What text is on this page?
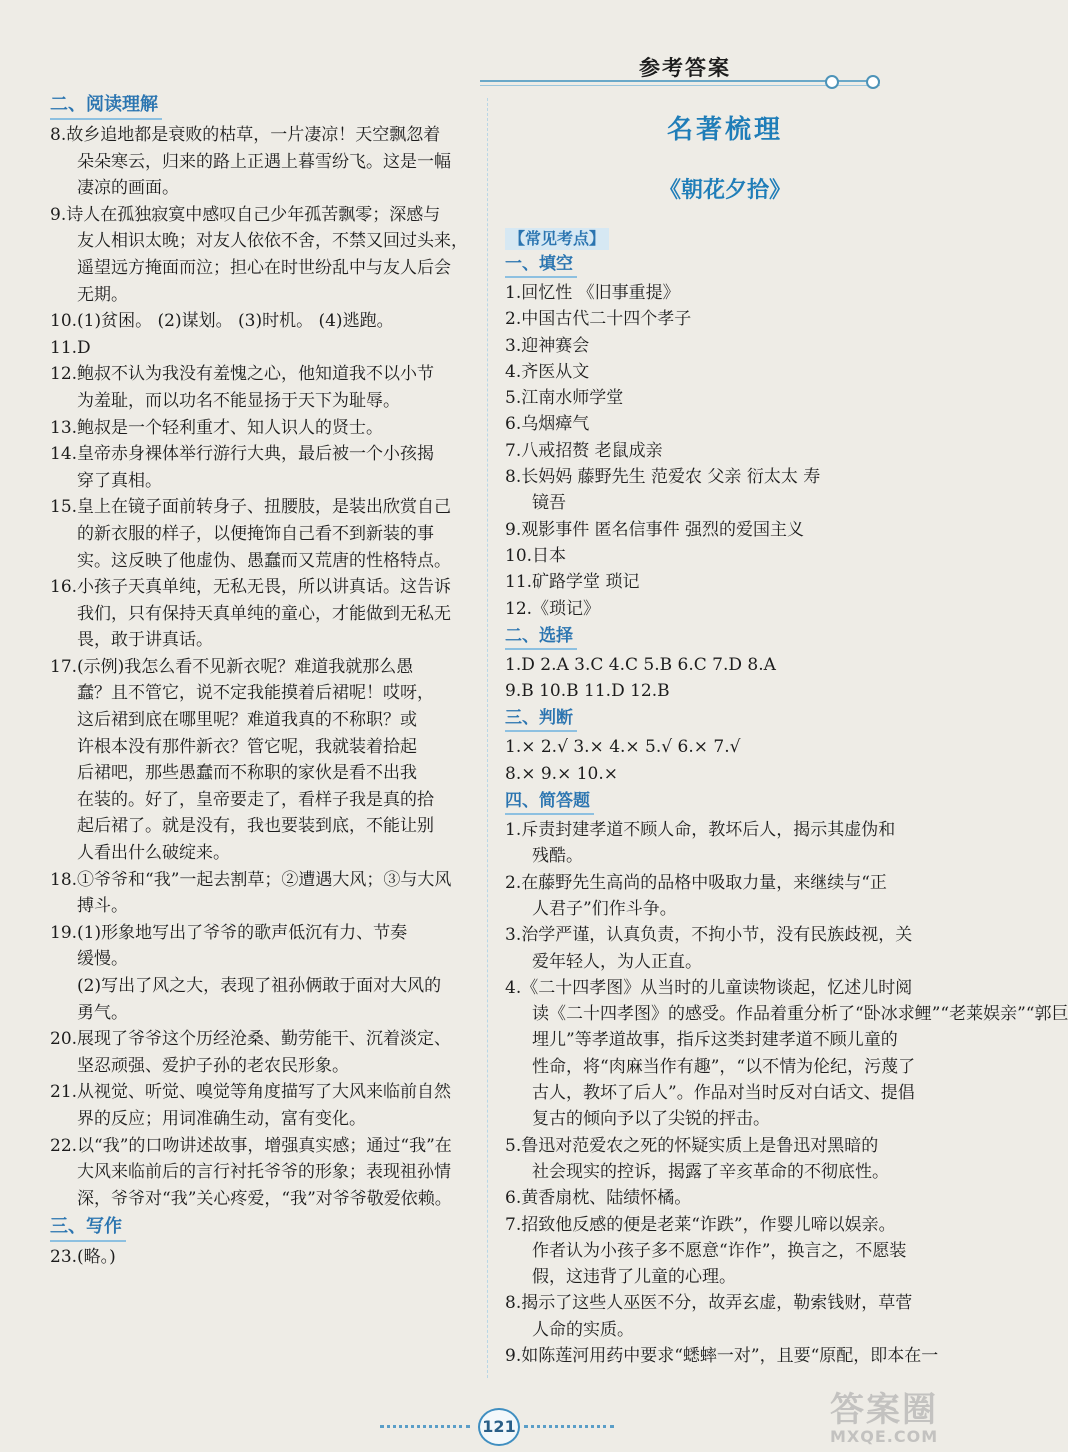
参考答案
二、阅读理解
8.故乡追地都是衰败的枯草，一片凄凉！天空飘忽着
朵朵寒云，归来的路上正遇上暮雪纷飞。这是一幅
凄凉的画面。
9.诗人在孤独寂寞中感叹自己少年孤苦飘零；深感与
友人相识太晚；对友人依依不舍，不禁又回过头来，
遥望远方掩面而泣；担心在时世纷乱中与友人后会
无期。
10.(1)贫困。 (2)谋划。 (3)时机。 (4)逃跑。
11.D
12.鲍叔不认为我没有羞愧之心，他知道我不以小节
为羞耻，而以功名不能显扬于天下为耻辱。
13.鲍叔是一个轻利重才、知人识人的贤士。
14.皇帝赤身裸体举行游行大典，最后被一个小孩揭
穿了真相。
15.皇上在镜子面前转身子、扭腰肢，是装出欣赏自己
的新衣服的样子，以便掩饰自己看不到新装的事
实。这反映了他虚伪、愚蠢而又荒唐的性格特点。
16.小孩子天真单纯，无私无畏，所以讲真话。这告诉
我们，只有保持天真单纯的童心，才能做到无私无
畏，敢于讲真话。
17.(示例)我怎么看不见新衣呢？难道我就那么愚
蠢？且不管它，说不定我能摸着后裙呢！哎呀，
这后裙到底在哪里呢？难道我真的不称职？或
许根本没有那件新衣？管它呢，我就装着拾起
后裙吧，那些愚蠢而不称职的家伙是看不出我
在装的。好了，皇帝要走了，看样子我是真的拾
起后裙了。就是没有，我也要装到底，不能让别
人看出什么破绽来。
18.①爷爷和“我”一起去割草；②遭遇大风；③与大风
搏斗。
19.(1)形象地写出了爷爷的歌声低沉有力、节奏
缓慢。
(2)写出了风之大，表现了祖孙俩敢于面对大风的
勇气。
20.展现了爷爷这个历经沧桑、勤劳能干、沉着淡定、
坚忍顽强、爱护子孙的老农民形象。
21.从视觉、听觉、嗅觉等角度描写了大风来临前自然
界的反应；用词准确生动，富有变化。
22.以“我”的口吻讲述故事，增强真实感；通过“我”在
大风来临前后的言行衬托爷爷的形象；表现祖孙情
深，爷爷对“我”关心疼爱，“我”对爷爷敬爱依赖。
三、写作
23.(略。)
名著梳理
《朝花夕拾》
【常见考点】
一、填空
1.回忆性 《旧事重提》
2.中国古代二十四个孝子
3.迎神赛会
4.齐医从文
5.江南水师学堂
6.乌烟瘴气
7.八戒招赘 老鼠成亲
8.长妈妈 藤野先生 范爱农 父亲 衍太太 寿
镜吾
9.观影事件 匿名信事件 强烈的爱国主义
10.日本
11.矿路学堂 琐记
12.《琐记》
二、选择
1.D 2.A 3.C 4.C 5.B 6.C 7.D 8.A
9.B 10.B 11.D 12.B
三、判断
1.× 2.√ 3.× 4.× 5.√ 6.× 7.√
8.× 9.× 10.×
四、简答题
1.斥责封建孝道不顾人命，教坏后人，揭示其虚伪和
残酷。
2.在藤野先生高尚的品格中吸取力量，来继续与“正
人君子”们作斗争。
3.治学严谨，认真负责，不拘小节，没有民族歧视，关
爱年轻人，为人正直。
4.《二十四孝图》从当时的儿童读物谈起，忆述儿时阅
读《二十四孝图》的感受。作品着重分析了“卧冰求鲤”“老莱娱亲”“郭巨
埋儿”等孝道故事，指斥这类封建孝道不顾儿童的
性命，将“肉麻当作有趣”，“以不情为伦纪，污蔑了
古人，教坏了后人”。作品对当时反对白话文、提倡
复古的倾向予以了尖锐的抨击。
5.鲁迅对范爱农之死的怀疑实质上是鲁迅对黑暗的
社会现实的控诉，揭露了辛亥革命的不彻底性。
6.黄香扇枕、陆绩怀橘。
7.招致他反感的便是老莱“诈跌”，作婴儿啼以娱亲。
作者认为小孩子多不愿意“诈作”，换言之，不愿装
假，这违背了儿童的心理。
8.揭示了这些人巫医不分，故弄玄虚，勒索钱财，草菅
人命的实质。
9.如陈莲河用药中要求“蟋蟀一对”，且要“原配，即本在一
121	答案圈
MXQE.COM
